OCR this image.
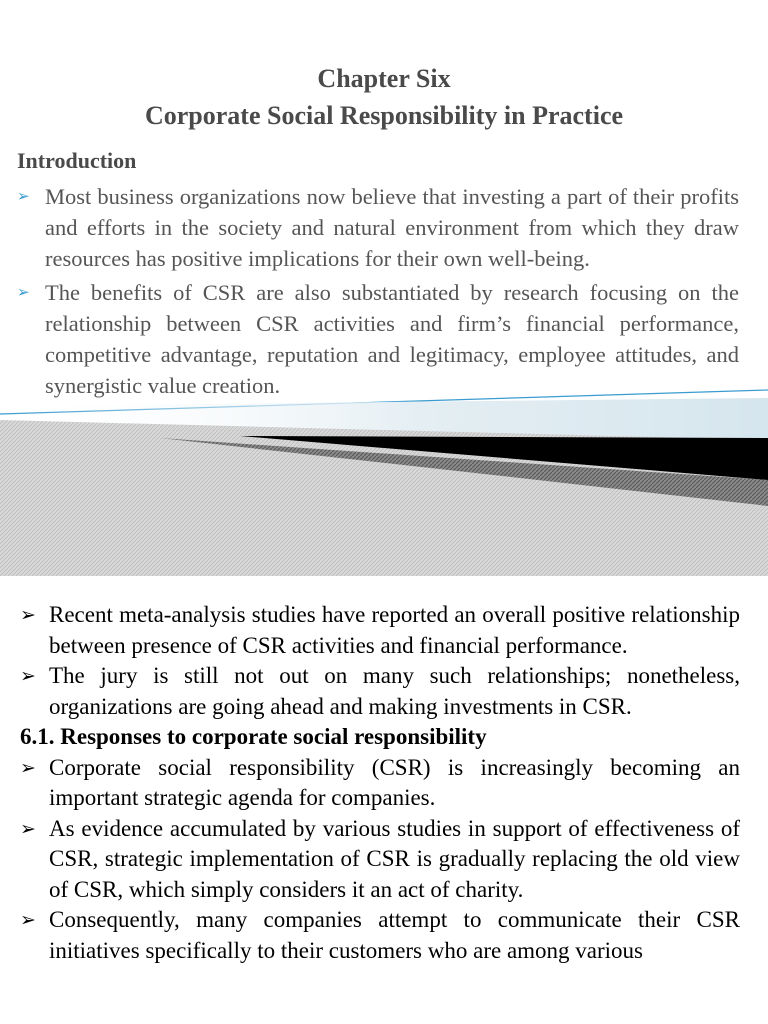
Chapter Six
Corporate Social Responsibility in Practice
Introduction
➢ Most business organizations now believe that investing a part of their profits and efforts in the society and natural environment from which they draw resources has positive implications for their own well-being.
➢ The benefits of CSR are also substantiated by research focusing on the relationship between CSR activities and firm’s financial performance, competitive advantage, reputation and legitimacy, employee attitudes, and synergistic value creation.
➢ Recent meta-analysis studies have reported an overall positive relationship between presence of CSR activities and financial performance.
➢ The jury is still not out on many such relationships; nonetheless, organizations are going ahead and making investments in CSR.
6.1. Responses to corporate social responsibility
➢ Corporate social responsibility (CSR) is increasingly becoming an important strategic agenda for companies.
➢ As evidence accumulated by various studies in support of effectiveness of CSR, strategic implementation of CSR is gradually replacing the old view of CSR, which simply considers it an act of charity.
➢ Consequently, many companies attempt to communicate their CSR initiatives specifically to their customers who are among various
